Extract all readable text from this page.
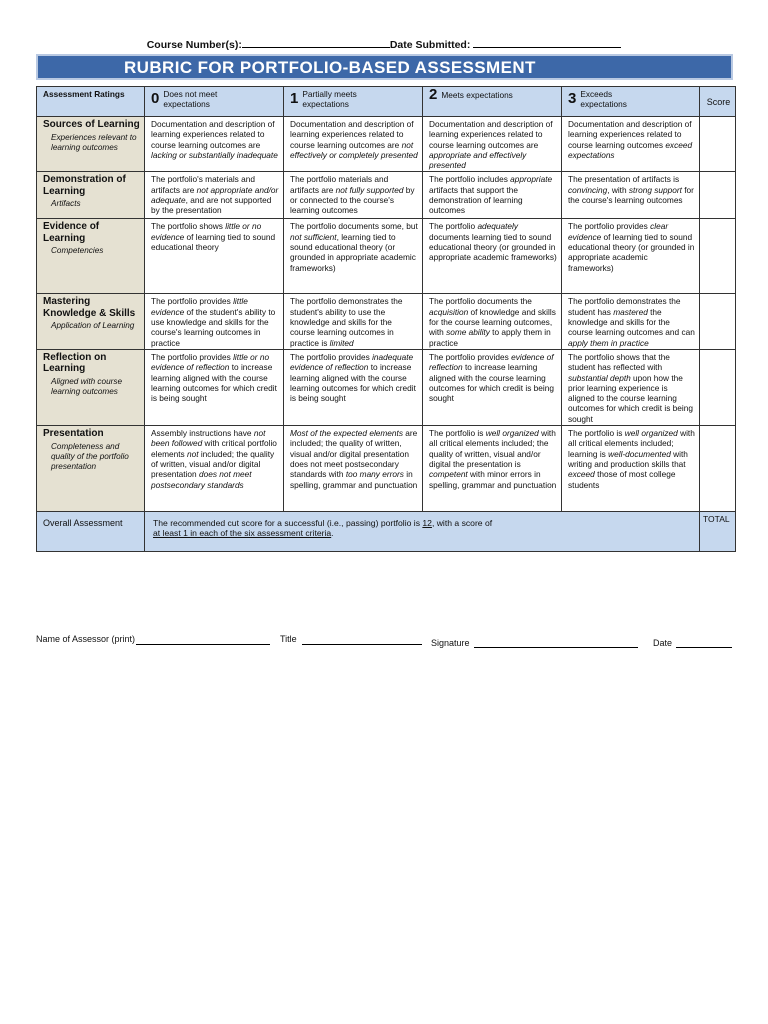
Course Number(s):	Date Submitted:
RUBRIC FOR PORTFOLIO-BASED ASSESSMENT
Assessment Ratings	0 Does not meet expectations	1 Partially meets expectations	2 Meets expectations	3 Exceeds expectations	Score

Sources of Learning
Experiences relevant to learning outcomes	Documentation and description of learning experiences related to course learning outcomes are lacking or substantially inadequate	Documentation and description of learning experiences related to course learning outcomes are not effectively or completely presented	Documentation and description of learning experiences related to course learning outcomes are appropriate and effectively presented	Documentation and description of learning experiences related to course learning outcomes exceed expectations	

Demonstration of Learning
Artifacts	The portfolio's materials and artifacts are not appropriate and/or adequate, and are not supported by the presentation	The portfolio materials and artifacts are not fully supported by or connected to the course's learning outcomes	The portfolio includes appropriate artifacts that support the demonstration of learning outcomes	The presentation of artifacts is convincing, with strong support for the course's learning outcomes	

Evidence of Learning
Competencies	The portfolio shows little or no evidence of learning tied to sound educational theory	The portfolio documents some, but not sufficient, learning tied to sound educational theory (or grounded in appropriate academic frameworks)	The portfolio adequately documents learning tied to sound educational theory (or grounded in appropriate academic frameworks)	The portfolio provides clear evidence of learning tied to sound educational theory (or grounded in appropriate academic frameworks)	

Mastering Knowledge & Skills
Application of Learning	The portfolio provides little evidence of the student's ability to use knowledge and skills for the course's learning outcomes in practice	The portfolio demonstrates the student's ability to use the knowledge and skills for the course learning outcomes in practice is limited	The portfolio documents the acquisition of knowledge and skills for the course learning outcomes, with some ability to apply them in practice	The portfolio demonstrates the student has mastered the knowledge and skills for the course learning outcomes and can apply them in practice	

Reflection on Learning
Aligned with course learning outcomes	The portfolio provides little or no evidence of reflection to increase learning aligned with the course learning outcomes for which credit is being sought	The portfolio provides inadequate evidence of reflection to increase learning aligned with the course learning outcomes for which credit is being sought	The portfolio provides evidence of reflection to increase learning aligned with the course learning outcomes for which credit is being sought	The portfolio shows that the student has reflected with substantial depth upon how the prior learning experience is aligned to the course learning outcomes for which credit is being sought	

Presentation
Completeness and quality of the portfolio presentation	Assembly instructions have not been followed with critical portfolio elements not included; the quality of written, visual and/or digital presentation does not meet postsecondary standards	Most of the expected elements are included; the quality of written, visual and/or digital presentation does not meet postsecondary standards with too many errors in spelling, grammar and punctuation	The portfolio is well organized with all critical elements included; the quality of written, visual and/or digital the presentation is competent with minor errors in spelling, grammar and punctuation	The portfolio is well organized with all critical elements included; learning is well-documented with writing and production skills that exceed those of most college students	
Overall Assessment	The recommended cut score for a successful (i.e., passing) portfolio is 12, with a score of
at least 1 in each of the six assessment criteria.				TOTAL
Name of Assessor (print)	Title	Signature	Date
